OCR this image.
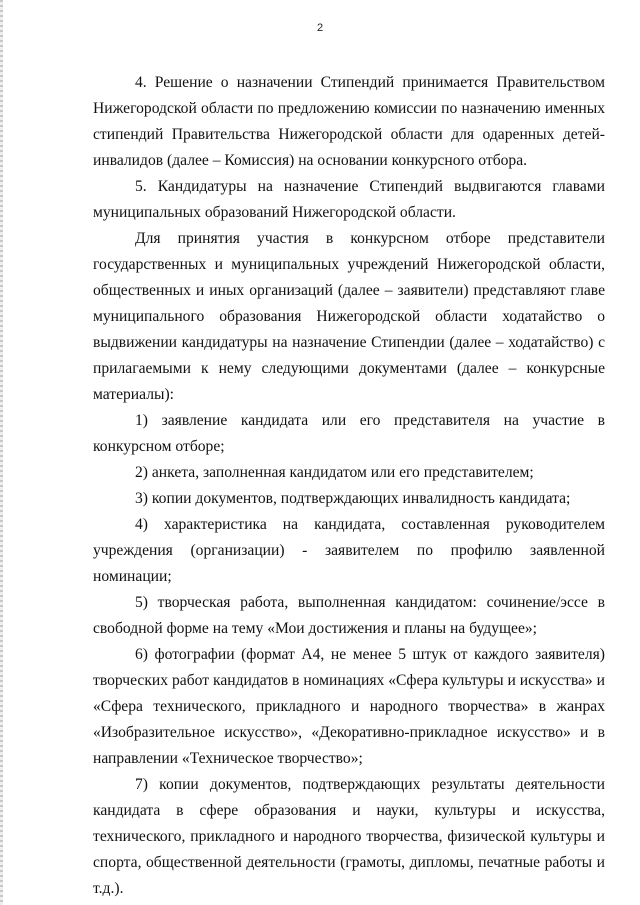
2

4. Решение о назначении Стипендий принимается Правительством Нижегородской области по предложению комиссии по назначению именных стипендий Правительства Нижегородской области для одаренных детей-инвалидов (далее – Комиссия) на основании конкурсного отбора.

5. Кандидатуры на назначение Стипендий выдвигаются главами муниципальных образований Нижегородской области.

Для принятия участия в конкурсном отборе представители государственных и муниципальных учреждений Нижегородской области, общественных и иных организаций (далее – заявители) представляют главе муниципального образования Нижегородской области ходатайство о выдвижении кандидатуры на назначение Стипендии (далее – ходатайство) с прилагаемыми к нему следующими документами (далее – конкурсные материалы):

1) заявление кандидата или его представителя на участие в конкурсном отборе;

2) анкета, заполненная кандидатом или его представителем;

3) копии документов, подтверждающих инвалидность кандидата;

4) характеристика на кандидата, составленная руководителем учреждения (организации) - заявителем по профилю заявленной номинации;

5) творческая работа, выполненная кандидатом: сочинение/эссе в свободной форме на тему «Мои достижения и планы на будущее»;

6) фотографии (формат А4, не менее 5 штук от каждого заявителя) творческих работ кандидатов в номинациях «Сфера культуры и искусства» и «Сфера технического, прикладного и народного творчества» в жанрах «Изобразительное искусство», «Декоративно-прикладное искусство» и в направлении «Техническое творчество»;

7) копии документов, подтверждающих результаты деятельности кандидата в сфере образования и науки, культуры и искусства, технического, прикладного и народного творчества, физической культуры и спорта, общественной деятельности (грамоты, дипломы, печатные работы и т.д.).
